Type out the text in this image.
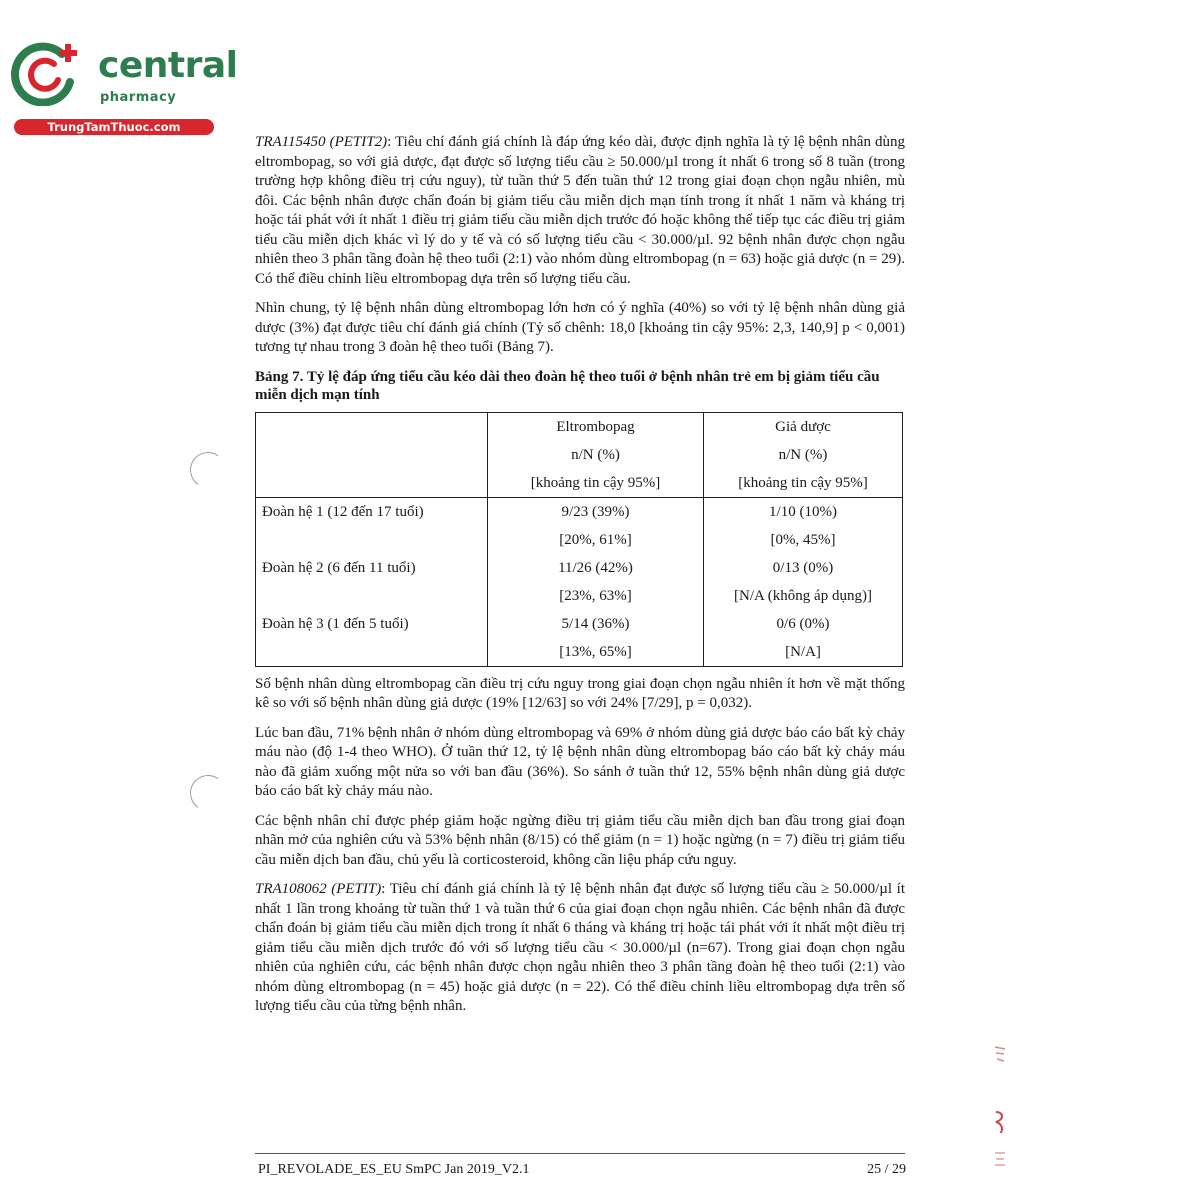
central
pharmacy
TrungTamThuoc.com

TRA115450 (PETIT2): Tiêu chí đánh giá chính là đáp ứng kéo dài, được định nghĩa là tỷ lệ bệnh nhân dùng eltrombopag, so với giả dược, đạt được số lượng tiểu cầu ≥ 50.000/µl trong ít nhất 6 trong số 8 tuần (trong trường hợp không điều trị cứu nguy), từ tuần thứ 5 đến tuần thứ 12 trong giai đoạn chọn ngẫu nhiên, mù đôi. Các bệnh nhân được chẩn đoán bị giảm tiểu cầu miễn dịch mạn tính trong ít nhất 1 năm và kháng trị hoặc tái phát với ít nhất 1 điều trị giảm tiểu cầu miễn dịch trước đó hoặc không thể tiếp tục các điều trị giảm tiểu cầu miễn dịch khác vì lý do y tế và có số lượng tiểu cầu < 30.000/µl. 92 bệnh nhân được chọn ngẫu nhiên theo 3 phân tầng đoàn hệ theo tuổi (2:1) vào nhóm dùng eltrombopag (n = 63) hoặc giả dược (n = 29). Có thể điều chỉnh liều eltrombopag dựa trên số lượng tiểu cầu.

Nhìn chung, tỷ lệ bệnh nhân dùng eltrombopag lớn hơn có ý nghĩa (40%) so với tỷ lệ bệnh nhân dùng giả dược (3%) đạt được tiêu chí đánh giá chính (Tỷ số chênh: 18,0 [khoảng tin cậy 95%: 2,3, 140,9] p < 0,001) tương tự nhau trong 3 đoàn hệ theo tuổi (Bảng 7).

Bảng 7. Tỷ lệ đáp ứng tiểu cầu kéo dài theo đoàn hệ theo tuổi ở bệnh nhân trẻ em bị giảm tiểu cầu miễn dịch mạn tính
	Eltrombopag	Giả dược
	n/N (%)	n/N (%)
	[khoảng tin cậy 95%]	[khoảng tin cậy 95%]
Đoàn hệ 1 (12 đến 17 tuổi)	9/23 (39%)	1/10 (10%)
	[20%, 61%]	[0%, 45%]
Đoàn hệ 2 (6 đến 11 tuổi)	11/26 (42%)	0/13 (0%)
	[23%, 63%]	[N/A (không áp dụng)]
Đoàn hệ 3 (1 đến 5 tuổi)	5/14 (36%)	0/6 (0%)
	[13%, 65%]	[N/A]

Số bệnh nhân dùng eltrombopag cần điều trị cứu nguy trong giai đoạn chọn ngẫu nhiên ít hơn về mặt thống kê so với số bệnh nhân dùng giả dược (19% [12/63] so với 24% [7/29], p = 0,032).

Lúc ban đầu, 71% bệnh nhân ở nhóm dùng eltrombopag và 69% ở nhóm dùng giả dược báo cáo bất kỳ chảy máu nào (độ 1-4 theo WHO). Ở tuần thứ 12, tỷ lệ bệnh nhân dùng eltrombopag báo cáo bất kỳ chảy máu nào đã giảm xuống một nửa so với ban đầu (36%). So sánh ở tuần thứ 12, 55% bệnh nhân dùng giả dược báo cáo bất kỳ chảy máu nào.

Các bệnh nhân chỉ được phép giảm hoặc ngừng điều trị giảm tiểu cầu miễn dịch ban đầu trong giai đoạn nhãn mở của nghiên cứu và 53% bệnh nhân (8/15) có thể giảm (n = 1) hoặc ngừng (n = 7) điều trị giảm tiểu cầu miễn dịch ban đầu, chủ yếu là corticosteroid, không cần liệu pháp cứu nguy.

TRA108062 (PETIT): Tiêu chí đánh giá chính là tỷ lệ bệnh nhân đạt được số lượng tiểu cầu ≥ 50.000/µl ít nhất 1 lần trong khoảng từ tuần thứ 1 và tuần thứ 6 của giai đoạn chọn ngẫu nhiên. Các bệnh nhân đã được chẩn đoán bị giảm tiểu cầu miễn dịch trong ít nhất 6 tháng và kháng trị hoặc tái phát với ít nhất một điều trị giảm tiểu cầu miễn dịch trước đó với số lượng tiểu cầu < 30.000/µl (n=67). Trong giai đoạn chọn ngẫu nhiên của nghiên cứu, các bệnh nhân được chọn ngẫu nhiên theo 3 phân tầng đoàn hệ theo tuổi (2:1) vào nhóm dùng eltrombopag (n = 45) hoặc giả dược (n = 22). Có thể điều chỉnh liều eltrombopag dựa trên số lượng tiểu cầu của từng bệnh nhân.

PI_REVOLADE_ES_EU SmPC Jan 2019_V2.1	25 / 29
